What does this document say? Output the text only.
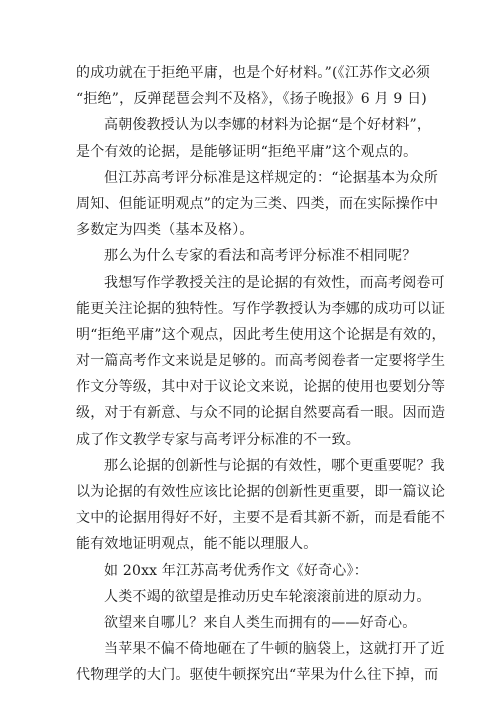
的成功就在于拒绝平庸，也是个好材料。”(《江苏作文必须
“拒绝”，反弹琵琶会判不及格》，《扬子晚报》6 月 9 日)
高朝俊教授认为以李娜的材料为论据“是个好材料”，
是个有效的论据，是能够证明“拒绝平庸”这个观点的。
但江苏高考评分标准是这样规定的：“论据基本为众所
周知、但能证明观点”的定为三类、四类，而在实际操作中
多数定为四类（基本及格）。
那么为什么专家的看法和高考评分标准不相同呢？
我想写作学教授关注的是论据的有效性，而高考阅卷可
能更关注论据的独特性。写作学教授认为李娜的成功可以证
明“拒绝平庸”这个观点，因此考生使用这个论据是有效的，
对一篇高考作文来说是足够的。而高考阅卷者一定要将学生
作文分等级，其中对于议论文来说，论据的使用也要划分等
级，对于有新意、与众不同的论据自然要高看一眼。因而造
成了作文教学专家与高考评分标准的不一致。
那么论据的创新性与论据的有效性，哪个更重要呢？我
以为论据的有效性应该比论据的创新性更重要，即一篇议论
文中的论据用得好不好，主要不是看其新不新，而是看能不
能有效地证明观点，能不能以理服人。
如 20xx 年江苏高考优秀作文《好奇心》：
人类不竭的欲望是推动历史车轮滚滚前进的原动力。
欲望来自哪儿？来自人类生而拥有的——好奇心。
当苹果不偏不倚地砸在了牛顿的脑袋上，这就打开了近
代物理学的大门。驱使牛顿探究出“苹果为什么往下掉，而
